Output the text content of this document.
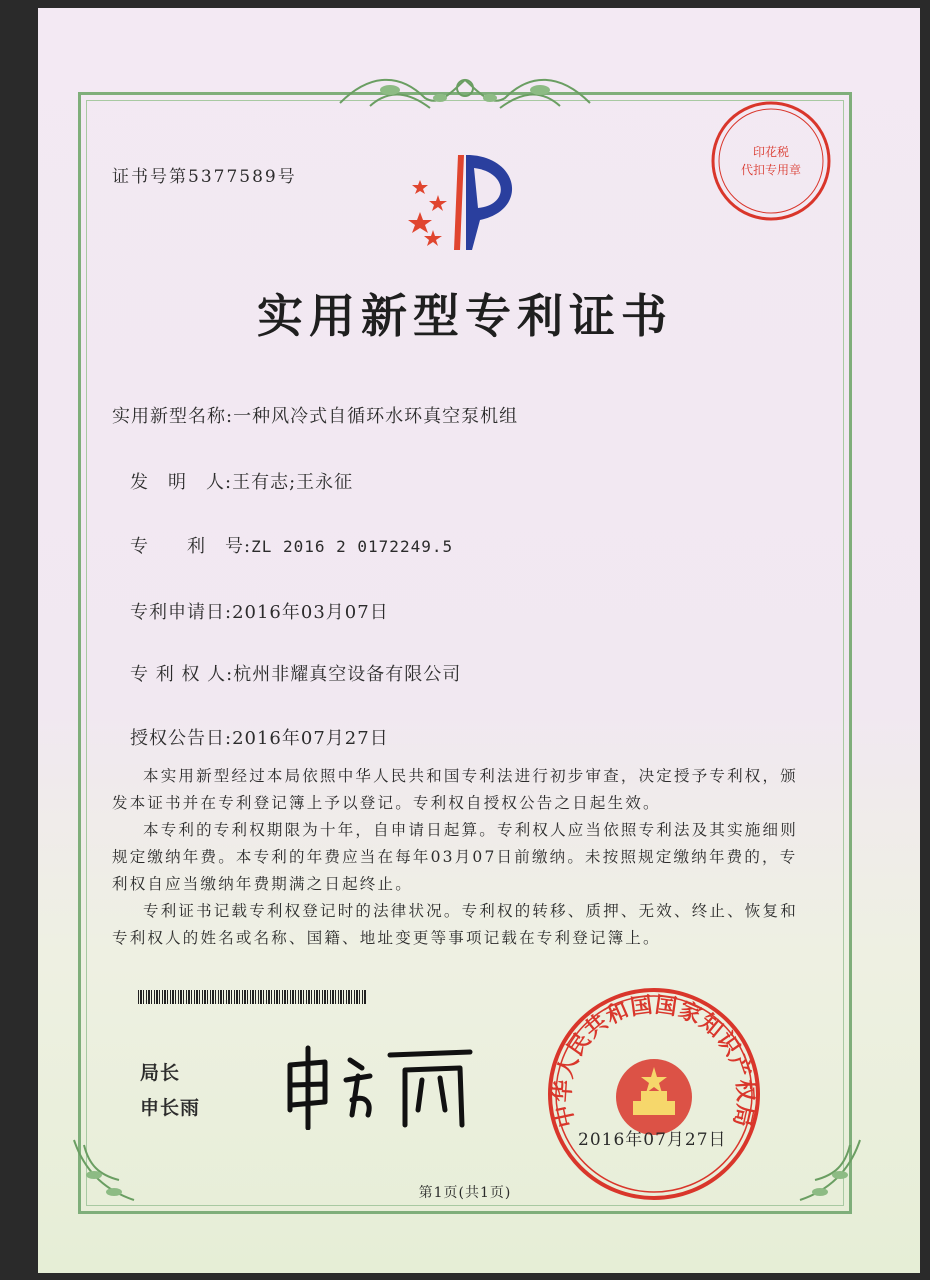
印花税
代扣专用章
证书号第5377589号
实用新型专利证书
实用新型名称:一种风冷式自循环水环真空泵机组
发　明　人:王有志;王永征
专　　利　号:ZL 2016 2 0172249.5
专利申请日:2016年03月07日
专 利 权 人:杭州非耀真空设备有限公司
授权公告日:2016年07月27日

本实用新型经过本局依照中华人民共和国专利法进行初步审查，决定授予专利权，颁发本证书并在专利登记簿上予以登记。专利权自授权公告之日起生效。

本专利的专利权期限为十年，自申请日起算。专利权人应当依照专利法及其实施细则规定缴纳年费。本专利的年费应当在每年03月07日前缴纳。未按照规定缴纳年费的，专利权自应当缴纳年费期满之日起终止。

专利证书记载专利权登记时的法律状况。专利权的转移、质押、无效、终止、恢复和专利权人的姓名或名称、国籍、地址变更等事项记载在专利登记簿上。

局长
申长雨	中华人民共和国国家知识产权局
2016年07月27日
第1页(共1页)
